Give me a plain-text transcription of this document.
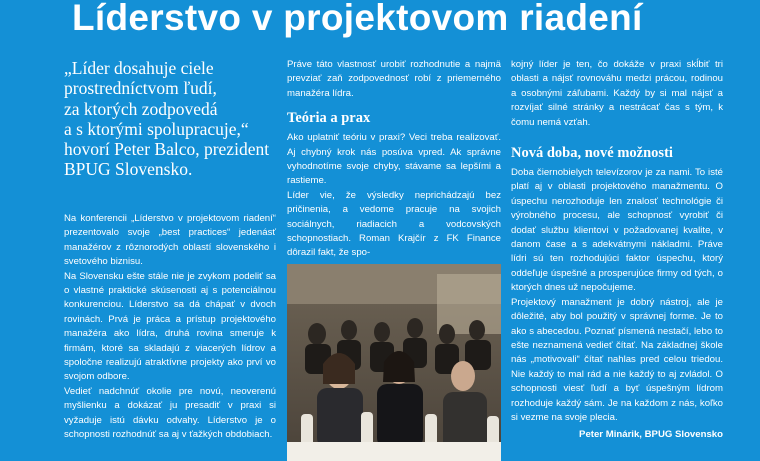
Líderstvo v projektovom riadení
„Líder dosahuje ciele
prostredníctvom ľudí,
za ktorých zodpovedá
a s ktorými spolupracuje,“
hovorí Peter Balco, prezident
BPUG Slovensko.

Na konferencii „Líderstvo v projektovom riadení“ prezentovalo svoje „best practices“ jedenásť manažérov z rôznorodých oblastí slovenského i svetového biznisu.

Na Slovensku ešte stále nie je zvykom podeliť sa o vlastné praktické skúsenosti aj s potenciálnou konkurenciou. Líderstvo sa dá chápať v dvoch rovinách. Prvá je práca a prístup projektového manažéra ako lídra, druhá rovina smeruje k firmám, ktoré sa skladajú z viacerých lídrov a spoločne realizujú atraktívne projekty ako prví vo svojom odbore.

Vedieť nadchnúť okolie pre novú, neoverenú myšlienku a dokázať ju presadiť v praxi si vyžaduje istú dávku odvahy. Líderstvo je o schopnosti rozhodnúť sa aj v ťažkých obdobiach.

Práve táto vlastnosť urobiť rozhodnutie a najmä prevziať zaň zodpovednosť robí z priemerného manažéra lídra.

Teória a prax

Ako uplatniť teóriu v praxi? Veci treba realizovať. Aj chybný krok nás posúva vpred. Ak správne vyhodnotíme svoje chyby, stávame sa lepšími a rastieme.

Líder vie, že výsledky neprichádzajú bez pričinenia, a vedome pracuje na svojich sociálnych, riadiacich a vodcovských schopnostiach. Roman Krajčír z FK Finance dôrazil fakt, že spo-

kojný líder je ten, čo dokáže v praxi skĺbiť tri oblasti a nájsť rovnováhu medzi prácou, rodinou a osobnými záľubami. Každý by si mal nájsť a rozvíjať silné stránky a nestrácať čas s tým, k čomu nemá vzťah.

Nová doba, nové možnosti

Doba čiernobielych televízorov je za nami. To isté platí aj v oblasti projektového manažmentu. O úspechu nerozhoduje len znalosť technológie či výrobného procesu, ale schopnosť vyrobiť či dodať službu klientovi v požadovanej kvalite, v danom čase a s adekvátnymi nákladmi. Práve lídri sú ten rozhodujúci faktor úspechu, ktorý oddeľuje úspešné a prosperujúce firmy od tých, o ktorých dnes už nepočujeme.

Projektový manažment je dobrý nástroj, ale je dôležité, aby bol použitý v správnej forme. Je to ako s abecedou. Poznať písmená nestačí, lebo to ešte neznamená vedieť čítať. Na základnej škole nás „motivovali“ čítať nahlas pred celou triedou. Nie každý to mal rád a nie každý to aj zvládol. O schopnosti viesť ľudí a byť úspešným lídrom rozhoduje každý sám. Je na každom z nás, koľko si vezme na svoje plecia.

Peter Minárik, BPUG Slovensko
